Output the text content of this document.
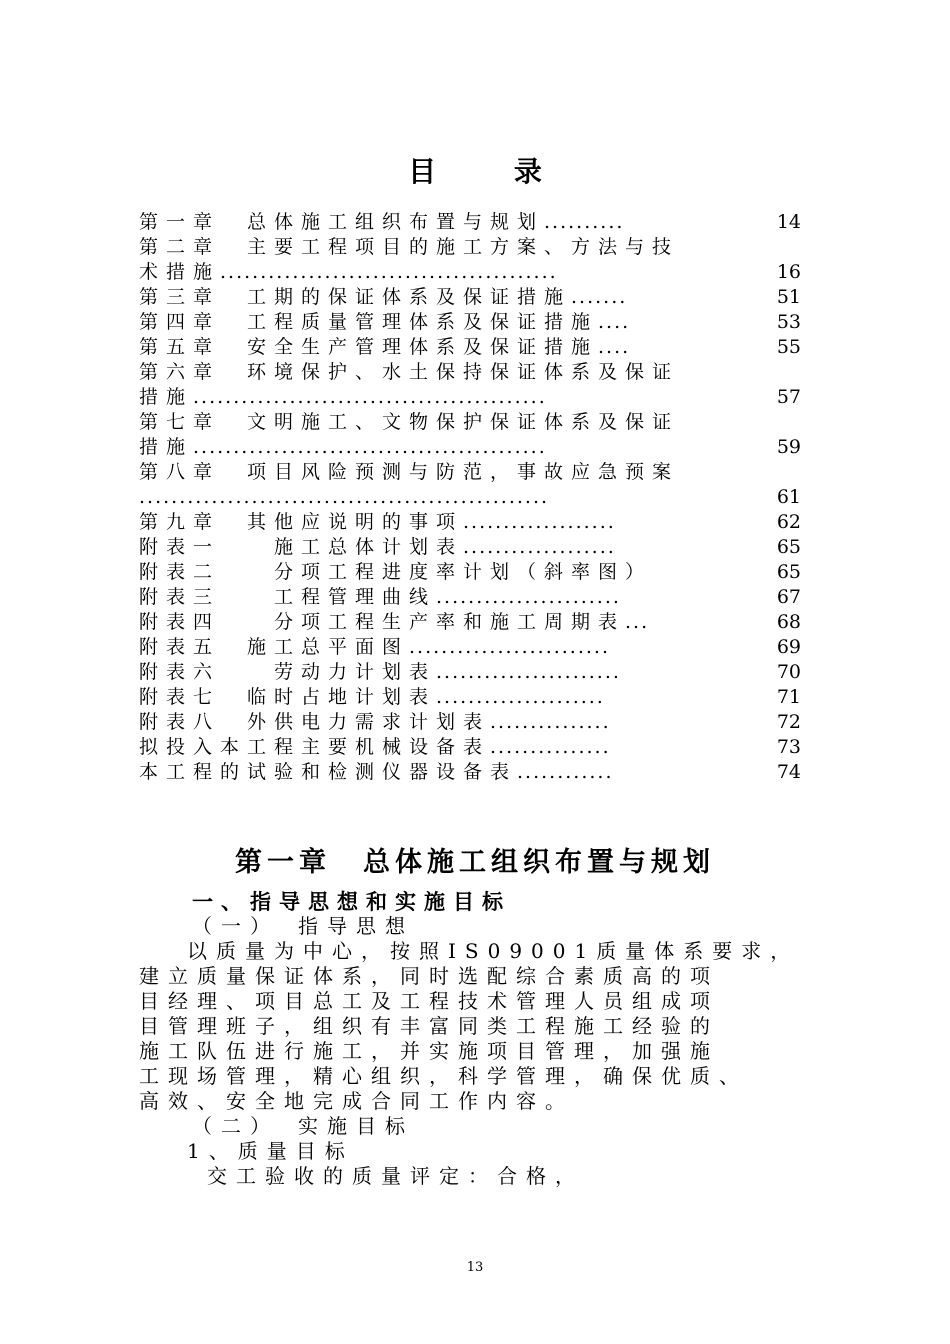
目 录
第一章　总体施工组织布置与规划..........	14
第二章　主要工程项目的施工方案、方法与技
术措施..........................................	16
第三章　工期的保证体系及保证措施.......	51
第四章　工程质量管理体系及保证措施....	53
第五章　安全生产管理体系及保证措施....	55
第六章　环境保护、水土保持保证体系及保证
措施............................................	57
第七章　文明施工、文物保护保证体系及保证
措施............................................	59
第八章　项目风险预测与防范，事故应急预案
...................................................	61
第九章　其他应说明的事项...................	62
附表一　　施工总体计划表...................	65
附表二　　分项工程进度率计划（斜率图）	65
附表三　　工程管理曲线.......................	67
附表四　　分项工程生产率和施工周期表...	68
附表五　施工总平面图.........................	69
附表六　　劳动力计划表.......................	70
附表七　临时占地计划表.....................	71
附表八　外供电力需求计划表...............	72
拟投入本工程主要机械设备表...............	73
本工程的试验和检测仪器设备表............	74
第一章　总体施工组织布置与规划
一、指导思想和实施目标
（一）　指导思想
以质量为中心，按照IS09001质量体系要求，
建立质量保证体系，同时选配综合素质高的项
目经理、项目总工及工程技术管理人员组成项
目管理班子，组织有丰富同类工程施工经验的
施工队伍进行施工，并实施项目管理，加强施
工现场管理，精心组织，科学管理，确保优质、
高效、安全地完成合同工作内容。
（二）　实施目标
1、质量目标
交工验收的质量评定：合格，
13
